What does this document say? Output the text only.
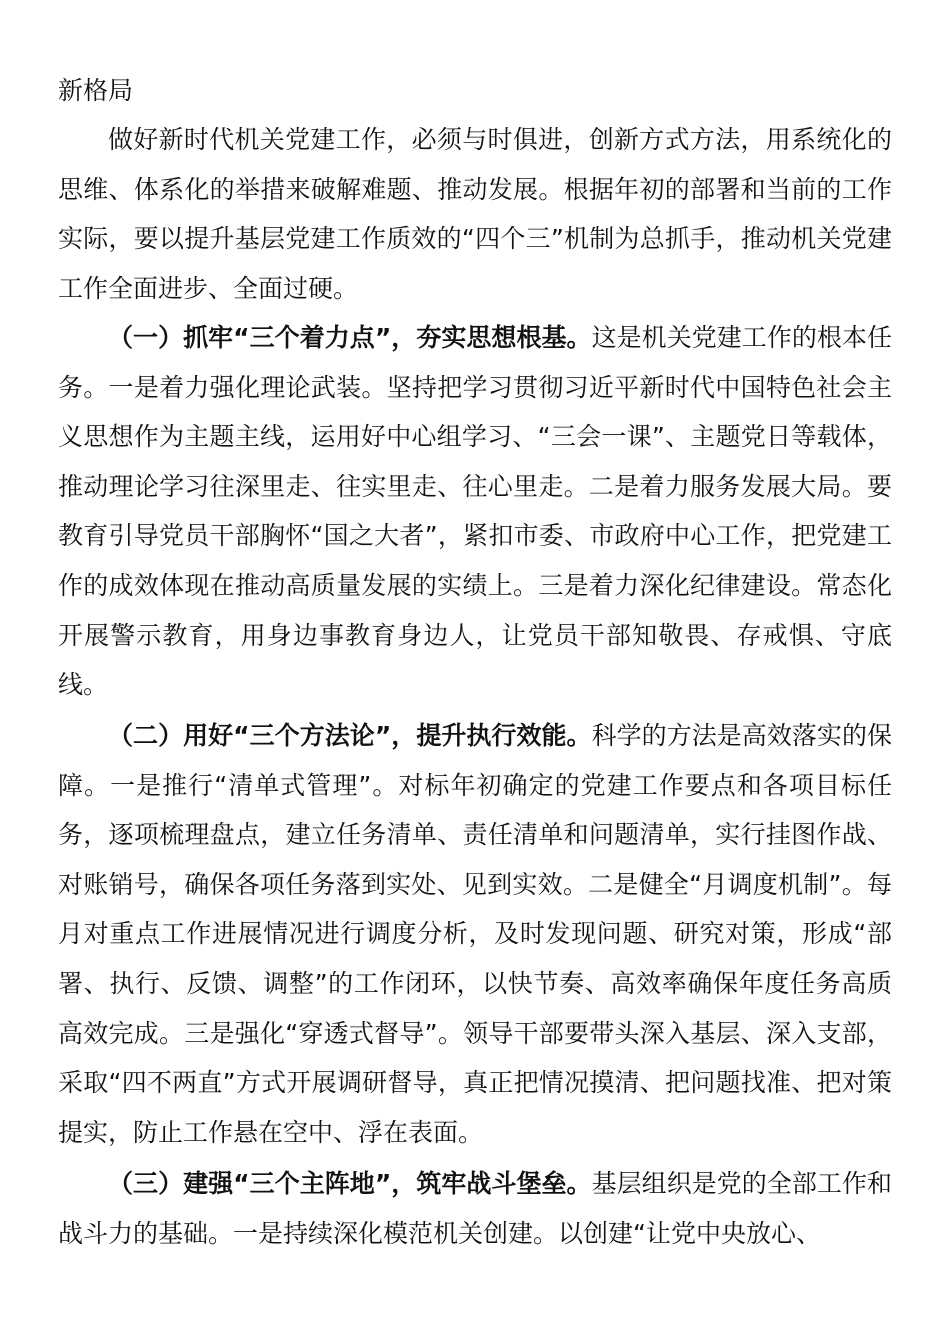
新格局

做好新时代机关党建工作，必须与时俱进，创新方式方法，用系统化的思维、体系化的举措来破解难题、推动发展。根据年初的部署和当前的工作实际，要以提升基层党建工作质效的“四个三”机制为总抓手，推动机关党建工作全面进步、全面过硬。

（一）抓牢“三个着力点”，夯实思想根基。这是机关党建工作的根本任务。一是着力强化理论武装。坚持把学习贯彻习近平新时代中国特色社会主义思想作为主题主线，运用好中心组学习、“三会一课”、主题党日等载体，推动理论学习往深里走、往实里走、往心里走。二是着力服务发展大局。要教育引导党员干部胸怀“国之大者”，紧扣市委、市政府中心工作，把党建工作的成效体现在推动高质量发展的实绩上。三是着力深化纪律建设。常态化开展警示教育，用身边事教育身边人，让党员干部知敬畏、存戒惧、守底线。

（二）用好“三个方法论”，提升执行效能。科学的方法是高效落实的保障。一是推行“清单式管理”。对标年初确定的党建工作要点和各项目标任务，逐项梳理盘点，建立任务清单、责任清单和问题清单，实行挂图作战、对账销号，确保各项任务落到实处、见到实效。二是健全“月调度机制”。每月对重点工作进展情况进行调度分析，及时发现问题、研究对策，形成“部署、执行、反馈、调整”的工作闭环，以快节奏、高效率确保年度任务高质高效完成。三是强化“穿透式督导”。领导干部要带头深入基层、深入支部，采取“四不两直”方式开展调研督导，真正把情况摸清、把问题找准、把对策提实，防止工作悬在空中、浮在表面。

（三）建强“三个主阵地”，筑牢战斗堡垒。基层组织是党的全部工作和战斗力的基础。一是持续深化模范机关创建。以创建“让党中央放心、
